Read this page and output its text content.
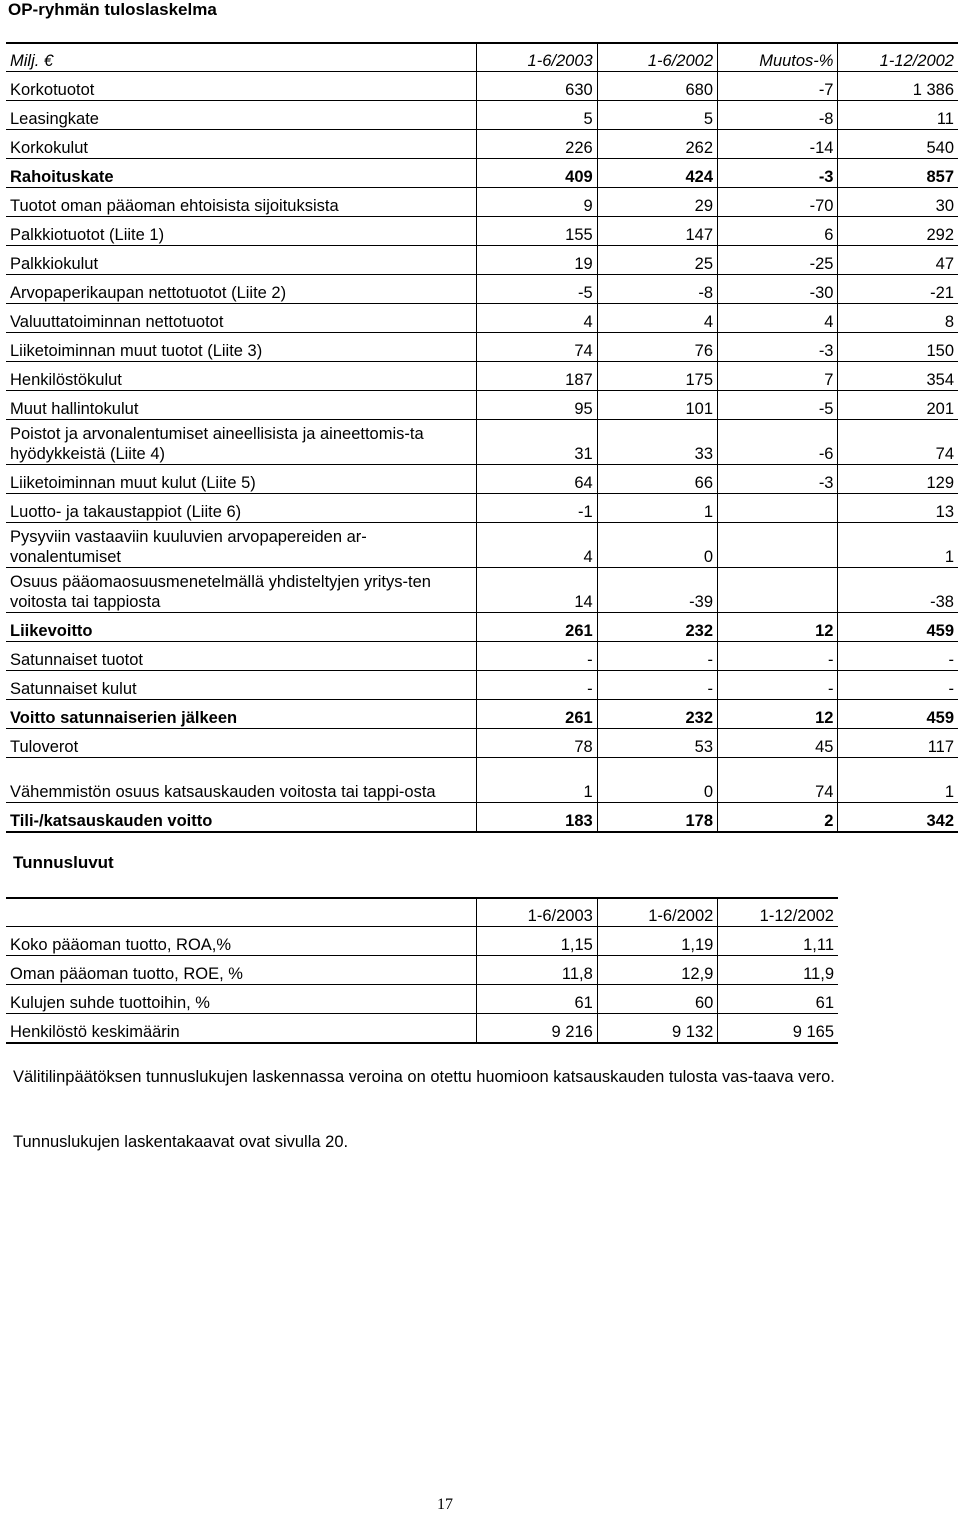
OP-ryhmän tuloslaskelma
Milj. €	1-6/2003	1-6/2002	Muutos-%	1-12/2002
Korkotuotot	630	680	-7	1 386
Leasingkate	5	5	-8	11
Korkokulut	226	262	-14	540
Rahoituskate	409	424	-3	857
Tuotot oman pääoman ehtoisista sijoituksista	9	29	-70	30
Palkkiotuotot (Liite 1)	155	147	6	292
Palkkiokulut	19	25	-25	47
Arvopaperikaupan nettotuotot (Liite 2)	-5	-8	-30	-21
Valuuttatoiminnan nettotuotot	4	4	4	8
Liiketoiminnan muut tuotot (Liite 3)	74	76	-3	150
Henkilöstökulut	187	175	7	354
Muut hallintokulut	95	101	-5	201
Poistot ja arvonalentumiset aineellisista ja aineettomis-ta hyödykkeistä (Liite 4)	31	33	-6	74
Liiketoiminnan muut kulut (Liite 5)	64	66	-3	129
Luotto- ja takaustappiot (Liite 6)	-1	1		13
Pysyviin vastaaviin kuuluvien arvopapereiden ar-vonalentumiset	4	0		1
Osuus pääomaosuusmenetelmällä yhdisteltyjen yritys-ten voitosta tai tappiosta	14	-39		-38
Liikevoitto	261	232	12	459
Satunnaiset tuotot	-	-	-	-
Satunnaiset kulut	-	-	-	-
Voitto satunnaiserien jälkeen	261	232	12	459
Tuloverot	78	53	45	117
Vähemmistön osuus katsauskauden voitosta tai tappi-osta	1	0	74	1
Tili-/katsauskauden voitto	183	178	2	342
Tunnusluvut
	1-6/2003	1-6/2002	1-12/2002
Koko pääoman tuotto, ROA,%	1,15	1,19	1,11
Oman pääoman tuotto, ROE, %	11,8	12,9	11,9
Kulujen suhde tuottoihin, %	61	60	61
Henkilöstö keskimäärin	9 216	9 132	9 165
Välitilinpäätöksen tunnuslukujen laskennassa veroina on otettu huomioon katsauskauden tulosta vas-taava vero.
Tunnuslukujen laskentakaavat ovat sivulla 20.
17
